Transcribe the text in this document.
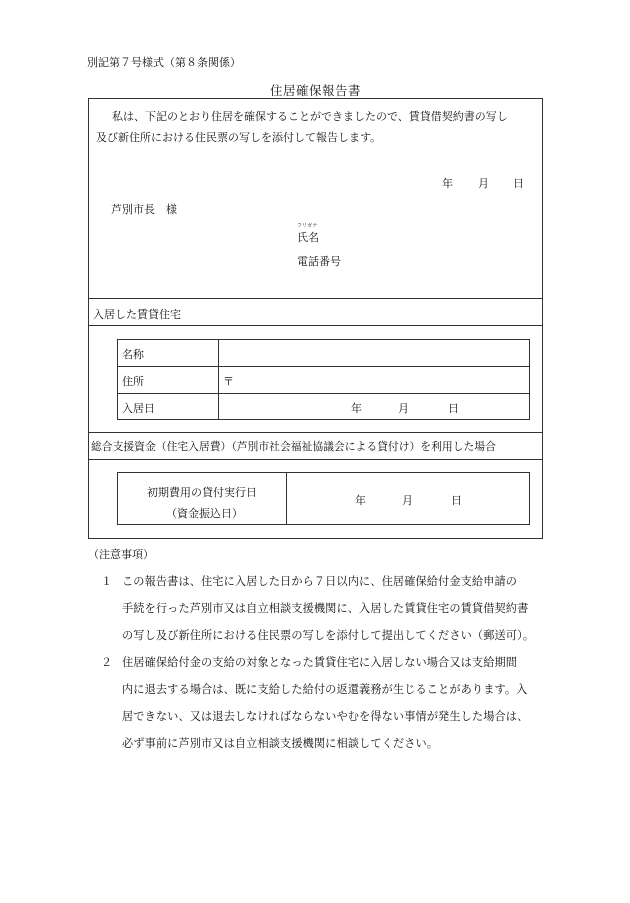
別記第７号様式（第８条関係）
住居確保報告書
私は、下記のとおり住居を確保することができましたので、賃貸借契約書の写し
及び新住所における住民票の写しを添付して報告します。
年 月 日
芦別市長　様
フリガナ
氏名
電話番号
入居した賃貸住宅
名称
住所	〒
入居日	年	月	日
総合支援資金（住宅入居費）（芦別市社会福祉協議会による貸付け）を利用した場合
初期費用の貸付実行日
（資金振込日）
年	月	日
（注意事項）
１ この報告書は、住宅に入居した日から７日以内に、住居確保給付金支給申請の
手続を行った芦別市又は自立相談支援機関に、入居した賃貸住宅の賃貸借契約書
の写し及び新住所における住民票の写しを添付して提出してください（郵送可）。
２ 住居確保給付金の支給の対象となった賃貸住宅に入居しない場合又は支給期間
内に退去する場合は、既に支給した給付の返還義務が生じることがあります。入
居できない、又は退去しなければならないやむを得ない事情が発生した場合は、
必ず事前に芦別市又は自立相談支援機関に相談してください。
